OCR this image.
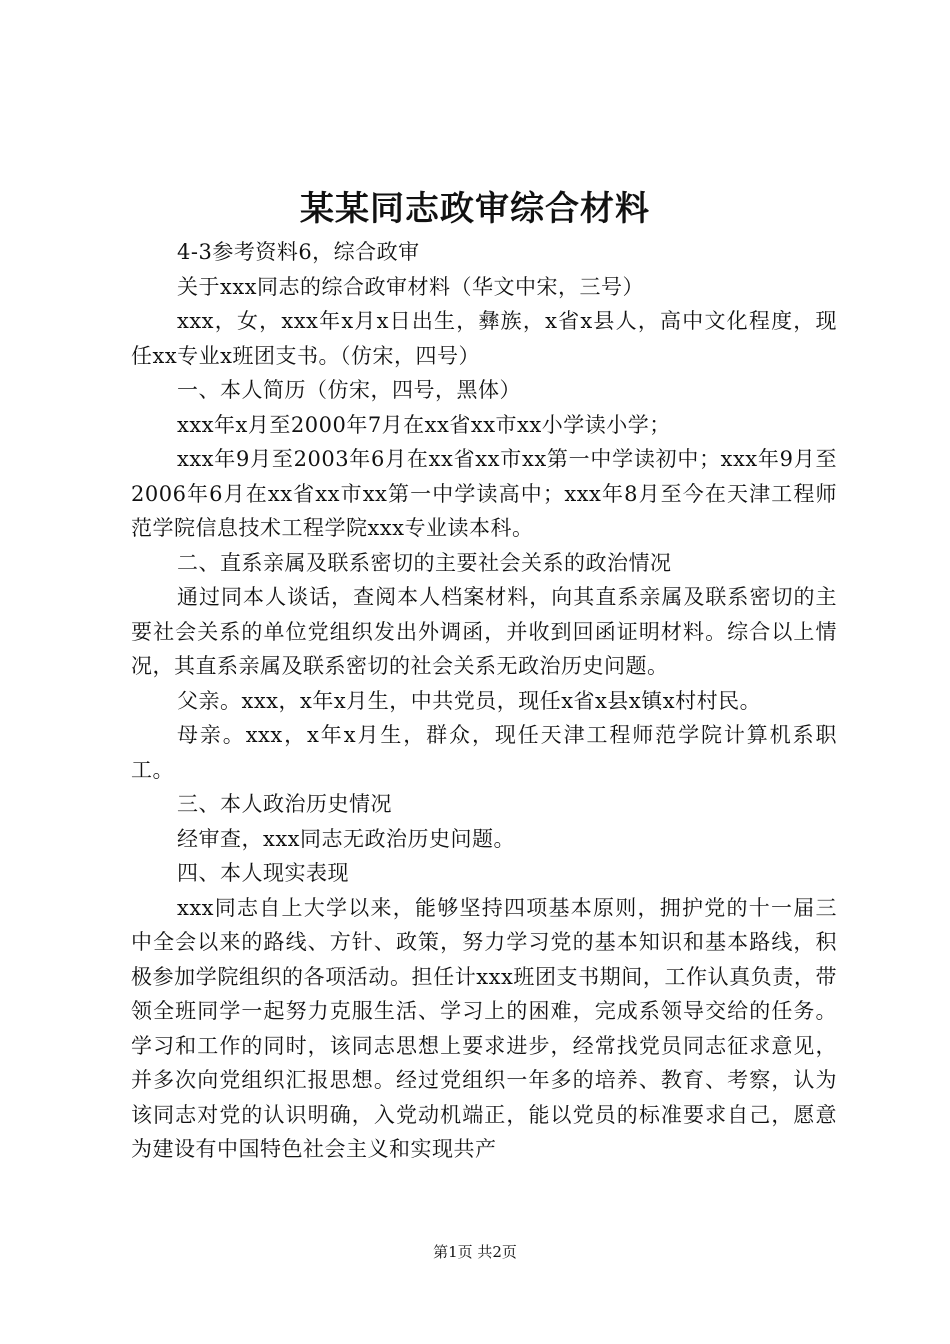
某某同志政审综合材料

4-3参考资料6，综合政审

关于xxx同志的综合政审材料（华文中宋，三号）

xxx，女，xxx年x月x日出生，彝族，x省x县人，高中文化程度，现任xx专业x班团支书。（仿宋，四号）

一、本人简历（仿宋，四号，黑体）

xxx年x月至2000年7月在xx省xx市xx小学读小学；

xxx年9月至2003年6月在xx省xx市xx第一中学读初中；xxx年9月至2006年6月在xx省xx市xx第一中学读高中；xxx年8月至今在天津工程师范学院信息技术工程学院xxx专业读本科。

二、直系亲属及联系密切的主要社会关系的政治情况

通过同本人谈话，查阅本人档案材料，向其直系亲属及联系密切的主要社会关系的单位党组织发出外调函，并收到回函证明材料。综合以上情况，其直系亲属及联系密切的社会关系无政治历史问题。

父亲。xxx，x年x月生，中共党员，现任x省x县x镇x村村民。

母亲。xxx，x年x月生，群众，现任天津工程师范学院计算机系职工。

三、本人政治历史情况

经审查，xxx同志无政治历史问题。

四、本人现实表现

xxx同志自上大学以来，能够坚持四项基本原则，拥护党的十一届三中全会以来的路线、方针、政策，努力学习党的基本知识和基本路线，积极参加学院组织的各项活动。担任计xxx班团支书期间，工作认真负责，带领全班同学一起努力克服生活、学习上的困难，完成系领导交给的任务。学习和工作的同时，该同志思想上要求进步，经常找党员同志征求意见，并多次向党组织汇报思想。经过党组织一年多的培养、教育、考察，认为该同志对党的认识明确，入党动机端正，能以党员的标准要求自己，愿意为建设有中国特色社会主义和实现共产

第1页 共2页
